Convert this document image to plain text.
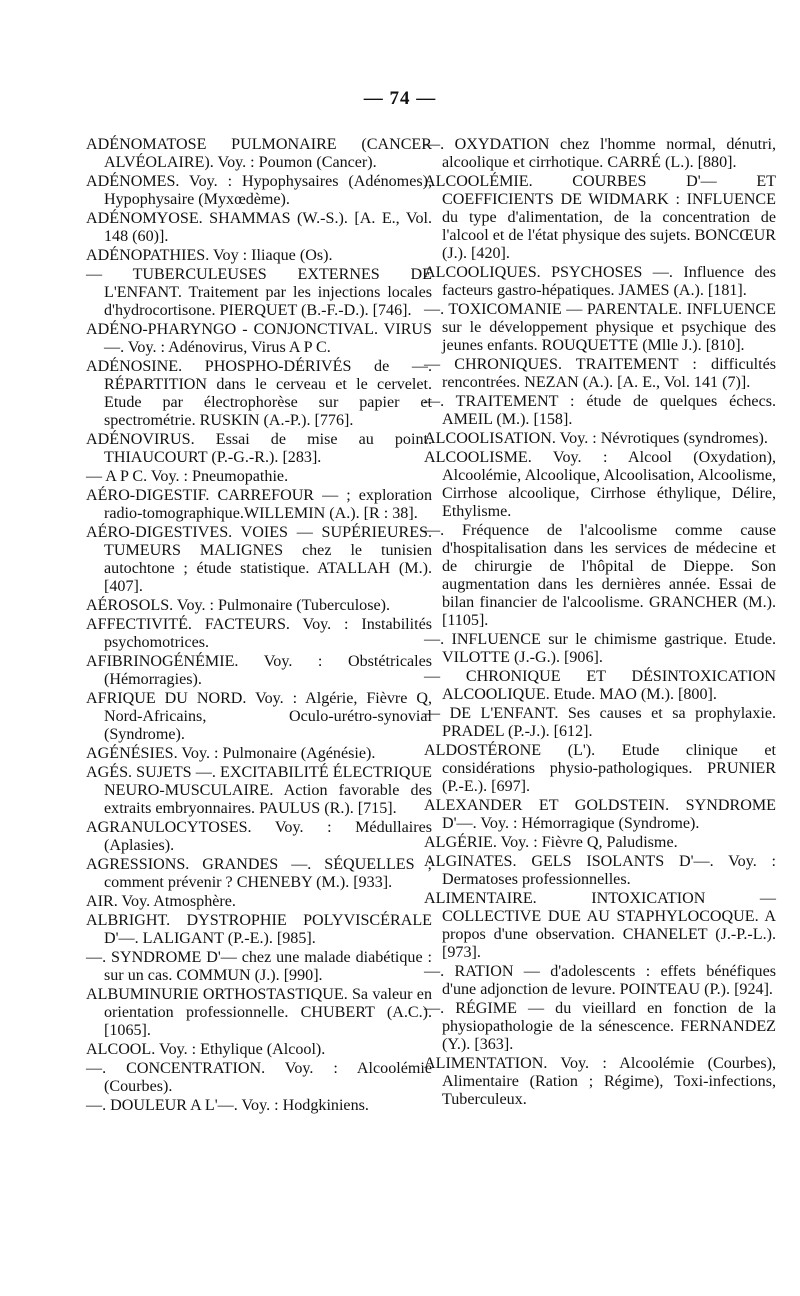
— 74 —

ADÉNOMATOSE PULMONAIRE (CANCER ALVÉOLAIRE). Voy. : Poumon (Cancer).

ADÉNOMES. Voy. : Hypophysaires (Adénomes), Hypophysaire (Myxœdème).

ADÉNOMYOSE. SHAMMAS (W.-S.). [A. E., Vol. 148 (60)].

ADÉNOPATHIES. Voy : Iliaque (Os).

— TUBERCULEUSES EXTERNES DE L'ENFANT. Traitement par les injections locales d'hydrocortisone. PIERQUET (B.-F.-D.). [746].

ADÉNO-PHARYNGO - CONJONCTIVAL. VIRUS —. Voy. : Adénovirus, Virus A P C.

ADÉNOSINE. PHOSPHO-DÉRIVÉS de —. RÉPARTITION dans le cerveau et le cervelet. Etude par électrophorèse sur papier et spectrométrie. RUSKIN (A.-P.). [776].

ADÉNOVIRUS. Essai de mise au point. THIAUCOURT (P.-G.-R.). [283].

— A P C. Voy. : Pneumopathie.

AÉRO-DIGESTIF. CARREFOUR — ; exploration radio-tomographique.WILLEMIN (A.). [R : 38].

AÉRO-DIGESTIVES. VOIES — SUPÉRIEURES. TUMEURS MALIGNES chez le tunisien autochtone ; étude statistique. ATALLAH (M.). [407].

AÉROSOLS. Voy. : Pulmonaire (Tuberculose).

AFFECTIVITÉ. FACTEURS. Voy. : Instabilités psychomotrices.

AFIBRINOGÉNÉMIE. Voy. : Obstétricales (Hémorragies).

AFRIQUE DU NORD. Voy. : Algérie, Fièvre Q, Nord-Africains, Oculo-urétro-synovial (Syndrome).

AGÉNÉSIES. Voy. : Pulmonaire (Agénésie).

AGÉS. SUJETS —. EXCITABILITÉ ÉLECTRIQUE NEURO-MUSCULAIRE. Action favorable des extraits embryonnaires. PAULUS (R.). [715].

AGRANULOCYTOSES. Voy. : Médullaires (Aplasies).

AGRESSIONS. GRANDES —. SÉQUELLES ; comment prévenir ? CHENEBY (M.). [933].

AIR. Voy. Atmosphère.

ALBRIGHT. DYSTROPHIE POLYVISCÉRALE D'—. LALIGANT (P.-E.). [985].

—. SYNDROME D'— chez une malade diabétique : sur un cas. COMMUN (J.). [990].

ALBUMINURIE ORTHOSTASTIQUE. Sa valeur en orientation professionnelle. CHUBERT (A.C.). [1065].

ALCOOL. Voy. : Ethylique (Alcool).

—. CONCENTRATION. Voy. : Alcoolémie (Courbes).

—. DOULEUR A L'—. Voy. : Hodgkiniens.

—. OXYDATION chez l'homme normal, dénutri, alcoolique et cirrhotique. CARRÉ (L.). [880].

ALCOOLÉMIE. COURBES D'— ET COEFFICIENTS DE WIDMARK : INFLUENCE du type d'alimentation, de la concentration de l'alcool et de l'état physique des sujets. BONCŒUR (J.). [420].

ALCOOLIQUES. PSYCHOSES —. Influence des facteurs gastro-hépatiques. JAMES (A.). [181].

—. TOXICOMANIE — PARENTALE. INFLUENCE sur le développement physique et psychique des jeunes enfants. ROUQUETTE (Mlle J.). [810].

— CHRONIQUES. TRAITEMENT : difficultés rencontrées. NEZAN (A.). [A. E., Vol. 141 (7)].

—. TRAITEMENT : étude de quelques échecs. AMEIL (M.). [158].

ALCOOLISATION. Voy. : Névrotiques (syndromes).

ALCOOLISME. Voy. : Alcool (Oxydation), Alcoolémie, Alcoolique, Alcoolisation, Alcoolisme, Cirrhose alcoolique, Cirrhose éthylique, Délire, Ethylisme.

—. Fréquence de l'alcoolisme comme cause d'hospitalisation dans les services de médecine et de chirurgie de l'hôpital de Dieppe. Son augmentation dans les dernières année. Essai de bilan financier de l'alcoolisme. GRANCHER (M.). [1105].

—. INFLUENCE sur le chimisme gastrique. Etude. VILOTTE (J.-G.). [906].

— CHRONIQUE ET DÉSINTOXICATION ALCOOLIQUE. Etude. MAO (M.). [800].

— DE L'ENFANT. Ses causes et sa prophylaxie. PRADEL (P.-J.). [612].

ALDOSTÉRONE (L'). Etude clinique et considérations physio-pathologiques. PRUNIER (P.-E.). [697].

ALEXANDER ET GOLDSTEIN. SYNDROME D'—. Voy. : Hémorragique (Syndrome).

ALGÉRIE. Voy. : Fièvre Q, Paludisme.

ALGINATES. GELS ISOLANTS D'—. Voy. : Dermatoses professionnelles.

ALIMENTAIRE. INTOXICATION — COLLECTIVE DUE AU STAPHYLOCOQUE. A propos d'une observation. CHANELET (J.-P.-L.). [973].

—. RATION — d'adolescents : effets bénéfiques d'une adjonction de levure. POINTEAU (P.). [924].

—. RÉGIME — du vieillard en fonction de la physiopathologie de la sénescence. FERNANDEZ (Y.). [363].

ALIMENTATION. Voy. : Alcoolémie (Courbes), Alimentaire (Ration ; Régime), Toxi-infections, Tuberculeux.
